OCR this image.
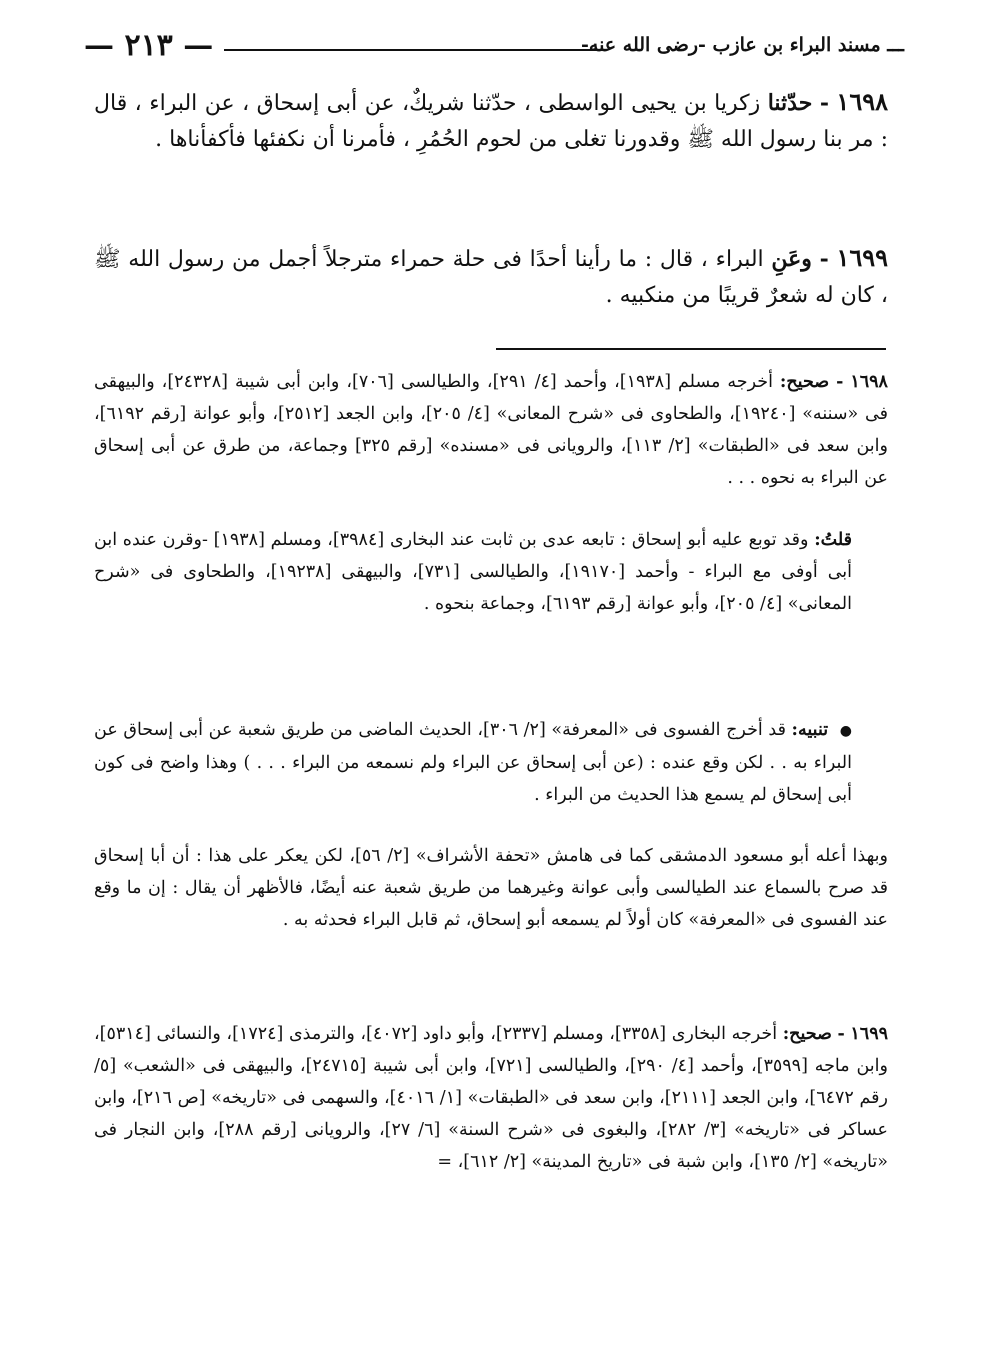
ـــ مسند البراء بن عازب -رضى الله عنه-
— ٢١٣ —
١٦٩٨ - حدّثنا زكريا بن يحيى الواسطى ، حدّثنا شريكٌ، عن أبى إسحاق ، عن البراء ، قال : مر بنا رسول الله ﷺ وقدورنا تغلى من لحوم الحُمُرِ ، فأمرنا أن نكفئها فأكفأناها .
١٦٩٩ - وعَنِ البراء ، قال : ما رأينا أحدًا فى حلة حمراء مترجلاً أجمل من رسول الله ﷺ ، كان له شعرٌ قريبًا من منكبيه .
١٦٩٨ - صحيح: أخرجه مسلم [١٩٣٨]، وأحمد [٤/ ٢٩١]، والطيالسى [٧٠٦]، وابن أبى شيبة [٢٤٣٢٨]، والبيهقى فى «سننه» [١٩٢٤٠]، والطحاوى فى «شرح المعانى» [٤/ ٢٠٥]، وابن الجعد [٢٥١٢]، وأبو عوانة [رقم ٦١٩٢]، وابن سعد فى «الطبقات» [٢/ ١١٣]، والرويانى فى «مسنده» [رقم ٣٢٥] وجماعة، من طرق عن أبى إسحاق عن البراء به نحوه . . .
قلتُ: وقد توبع عليه أبو إسحاق : تابعه عدى بن ثابت عند البخارى [٣٩٨٤]، ومسلم [١٩٣٨] -وقرن عنده ابن أبى أوفى مع البراء - وأحمد [١٩١٧٠]، والطيالسى [٧٣١]، والبيهقى [١٩٢٣٨]، والطحاوى فى «شرح المعانى» [٤/ ٢٠٥]، وأبو عوانة [رقم ٦١٩٣]، وجماعة بنحوه .
● تنبيه: قد أخرج الفسوى فى «المعرفة» [٢/ ٣٠٦]، الحديث الماضى من طريق شعبة عن أبى إسحاق عن البراء به . . لكن وقع عنده : (عن أبى إسحاق عن البراء ولم نسمعه من البراء . . . ) وهذا واضح فى كون أبى إسحاق لم يسمع هذا الحديث من البراء .
وبهذا أعله أبو مسعود الدمشقى كما فى هامش «تحفة الأشراف» [٢/ ٥٦]، لكن يعكر على هذا : أن أبا إسحاق قد صرح بالسماع عند الطيالسى وأبى عوانة وغيرهما من طريق شعبة عنه أيضًا، فالأظهر أن يقال : إن ما وقع عند الفسوى فى «المعرفة» كان أولاً لم يسمعه أبو إسحاق، ثم قابل البراء فحدثه به .
١٦٩٩ - صحيح: أخرجه البخارى [٣٣٥٨]، ومسلم [٢٣٣٧]، وأبو داود [٤٠٧٢]، والترمذى [١٧٢٤]، والنسائى [٥٣١٤]، وابن ماجه [٣٥٩٩]، وأحمد [٤/ ٢٩٠]، والطيالسى [٧٢١]، وابن أبى شيبة [٢٤٧١٥]، والبيهقى فى «الشعب» [٥/ رقم ٦٤٧٢]، وابن الجعد [٢١١١]، وابن سعد فى «الطبقات» [١/ ٤٠١٦]، والسهمى فى «تاريخه» [ص ٢١٦]، وابن عساكر فى «تاريخه» [٣/ ٢٨٢]، والبغوى فى «شرح السنة» [٦/ ٢٧]، والرويانى [رقم ٢٨٨]، وابن النجار فى «تاريخه» [٢/ ١٣٥]، وابن شبة فى «تاريخ المدينة» [٢/ ٦١٢]، =
